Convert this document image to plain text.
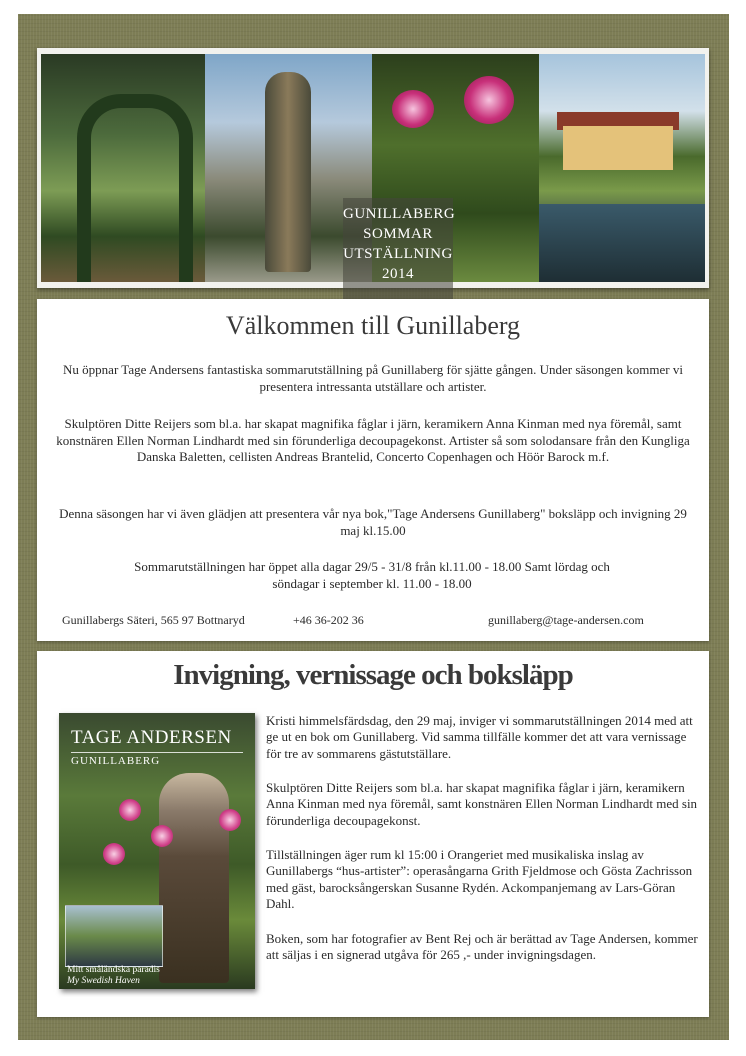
GUNILLABERG
SOMMAR
UTSTÄLLNING
2014
Välkommen till Gunillaberg
Nu öppnar Tage Andersens fantastiska sommarutställning på Gunillaberg för sjätte gången. Under säsongen kommer vi presentera intressanta utställare och artister.
Skulptören Ditte Reijers som bl.a. har skapat magnifika fåglar i järn, keramikern Anna Kinman med nya föremål, samt konstnären Ellen Norman Lindhardt med sin förunderliga decoupagekonst. Artister så som solodansare från den Kungliga Danska Baletten, cellisten Andreas Brantelid, Concerto Copenhagen och Höör Barock m.f.
Denna säsongen har vi även glädjen att presentera vår nya bok,"Tage Andersens Gunillaberg" boksläpp och invigning 29 maj kl.15.00
Sommarutställningen har öppet alla dagar 29/5 - 31/8 från kl.11.00 - 18.00 Samt lördag och söndagar i september kl. 11.00 - 18.00
Gunillabergs Säteri, 565 97 Bottnaryd	+46 36-202 36	gunillaberg@tage-andersen.com
Invigning, vernissage och boksläpp
TAGE ANDERSEN
GUNILLABERG
Mitt småländska paradis
My Swedish Haven
Kristi himmelsfärdsdag, den 29 maj, inviger vi sommarutställningen 2014 med att ge ut en bok om Gunillaberg. Vid samma tillfälle kommer det att vara vernissage för tre av sommarens gästutställare.
Skulptören Ditte Reijers som bl.a. har skapat magnifika fåglar i järn, keramikern Anna Kinman med nya föremål, samt konstnären Ellen Norman Lindhardt med sin förunderliga decoupagekonst.
Tillställningen äger rum kl 15:00 i Orangeriet med musikaliska inslag av Gunillabergs “hus-artister”: operasångarna Grith Fjeldmose och Gösta Zachrisson med gäst, barocksångerskan Susanne Rydén. Ackompanjemang av Lars-Göran Dahl.
Boken, som har fotografier av Bent Rej och är berättad av Tage Andersen, kommer att säljas i en signerad utgåva för 265 ,- under invigningsdagen.
